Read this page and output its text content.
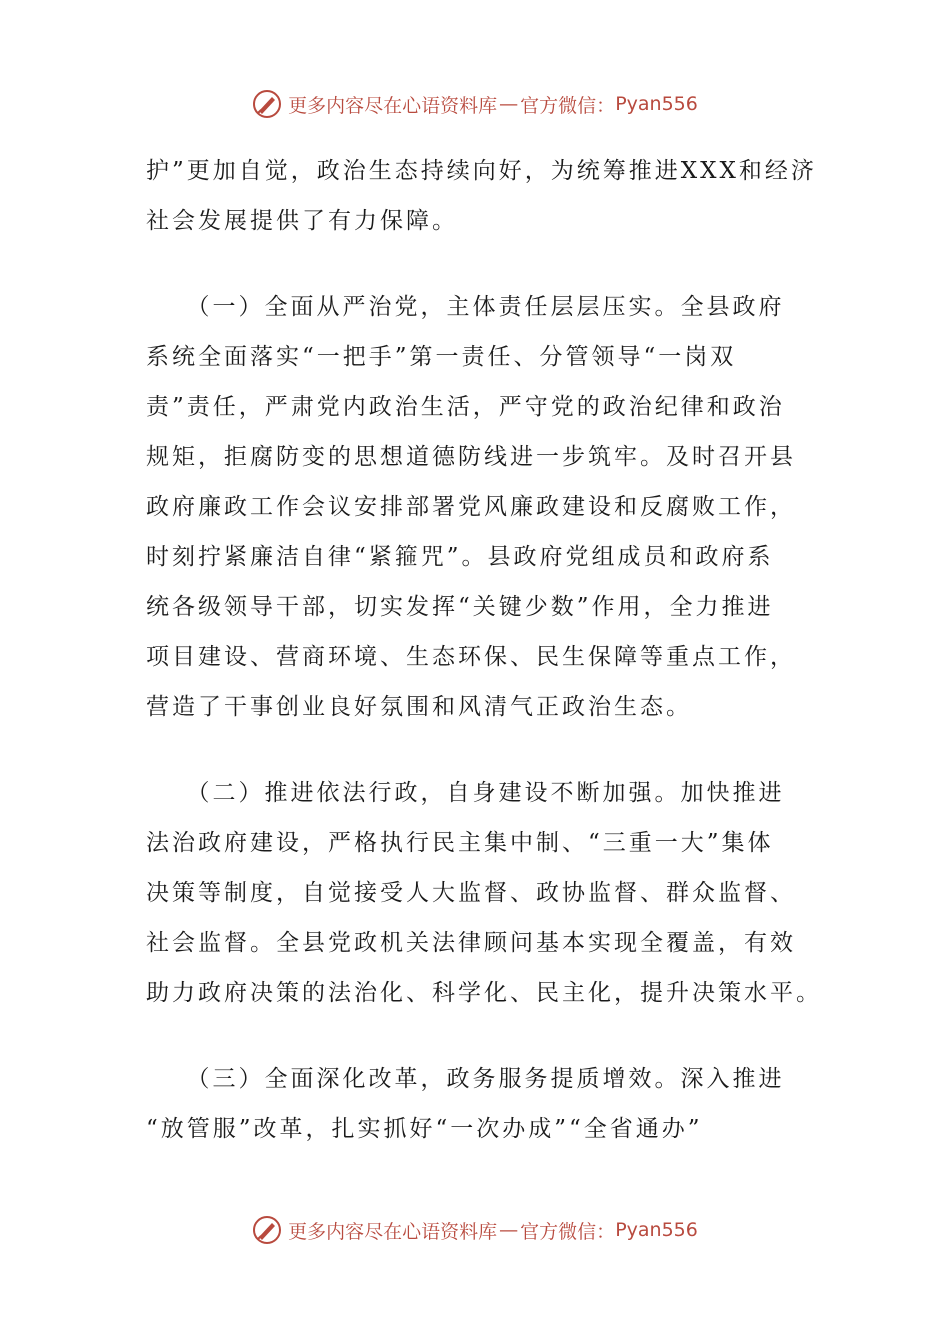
更多内容尽在心语资料库 — 官方微信： Pyan556

护”更加自觉，政治生态持续向好，为统筹推进XXX和经济
社会发展提供了有力保障。

　　（一）全面从严治党，主体责任层层压实。全县政府
系统全面落实“一把手”第一责任、分管领导“一岗双
责”责任，严肃党内政治生活，严守党的政治纪律和政治
规矩，拒腐防变的思想道德防线进一步筑牢。及时召开县
政府廉政工作会议安排部署党风廉政建设和反腐败工作，
时刻拧紧廉洁自律“紧箍咒”。县政府党组成员和政府系
统各级领导干部，切实发挥“关键少数”作用，全力推进
项目建设、营商环境、生态环保、民生保障等重点工作，
营造了干事创业良好氛围和风清气正政治生态。

　　（二）推进依法行政，自身建设不断加强。加快推进
法治政府建设，严格执行民主集中制、“三重一大”集体
决策等制度，自觉接受人大监督、政协监督、群众监督、
社会监督。全县党政机关法律顾问基本实现全覆盖，有效
助力政府决策的法治化、科学化、民主化，提升决策水平。

　　（三）全面深化改革，政务服务提质增效。深入推进
“放管服”改革，扎实抓好“一次办成”“全省通办”

更多内容尽在心语资料库 — 官方微信： Pyan556
